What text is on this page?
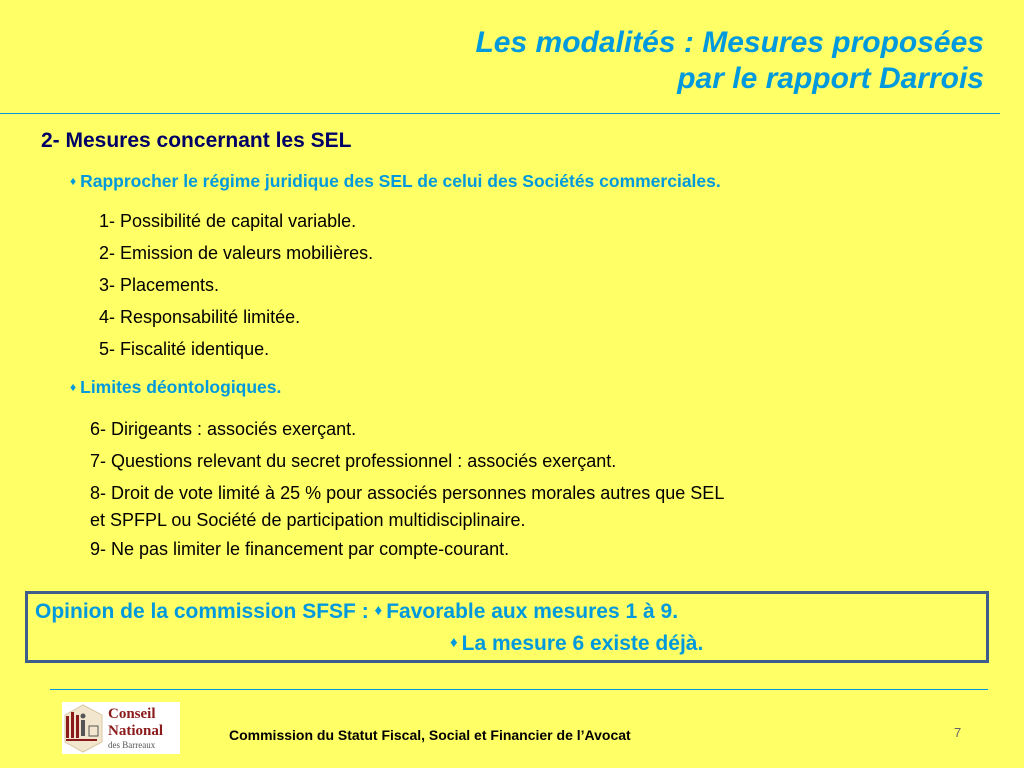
Les modalités : Mesures proposées
par le rapport Darrois
2- Mesures concernant les SEL
♦ Rapprocher le régime juridique des SEL de celui des Sociétés commerciales.
1- Possibilité de capital variable.
2- Emission de valeurs mobilières.
3- Placements.
4- Responsabilité limitée.
5- Fiscalité identique.
♦ Limites déontologiques.
6- Dirigeants : associés exerçant.
7- Questions relevant du secret professionnel : associés exerçant.
8- Droit de vote limité à 25 % pour associés personnes morales autres que SEL
et SPFPL ou Société de participation multidisciplinaire.
9- Ne pas limiter le financement par compte-courant.
Opinion de la commission SFSF : ♦ Favorable aux mesures 1 à 9.
♦ La mesure 6 existe déjà.
Conseil
National
des Barreaux
Commission du Statut Fiscal, Social et Financier de l’Avocat	7
